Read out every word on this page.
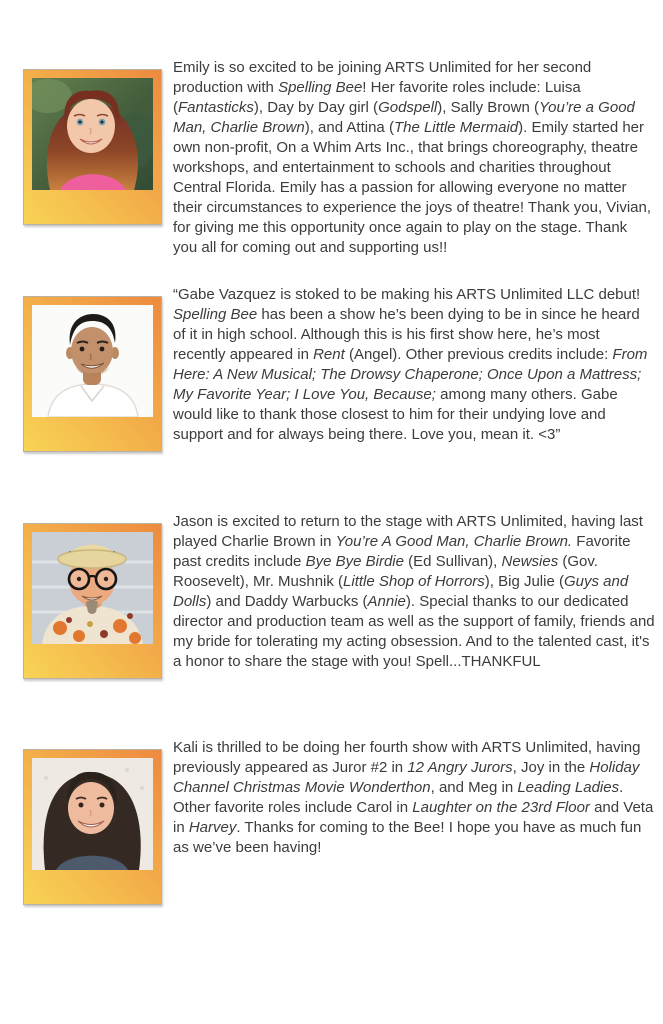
Emily is so excited to be joining ARTS Unlimited for her second production with Spelling Bee! Her favorite roles include: Luisa (Fantasticks), Day by Day girl (Godspell), Sally Brown (You’re a Good Man, Charlie Brown), and Attina (The Little Mermaid). Emily started her own non-profit, On a Whim Arts Inc., that brings choreography, theatre workshops, and entertainment to schools and charities throughout Central Florida. Emily has a passion for allowing everyone no matter their circumstances to experience the joys of theatre! Thank you, Vivian, for giving me this opportunity once again to play on the stage. Thank you all for coming out and supporting us!!

“Gabe Vazquez is stoked to be making his ARTS Unlimited LLC debut! Spelling Bee has been a show he’s been dying to be in since he heard of it in high school. Although this is his first show here, he’s most recently appeared in Rent (Angel). Other previous credits include: From Here: A New Musical; The Drowsy Chaperone; Once Upon a Mattress; My Favorite Year; I Love You, Because; among many others. Gabe would like to thank those closest to him for their undying love and support and for always being there. Love you, mean it. <3”

Jason is excited to return to the stage with ARTS Unlimited, having last played Charlie Brown in You’re A Good Man, Charlie Brown. Favorite past credits include Bye Bye Birdie (Ed Sullivan), Newsies (Gov. Roosevelt), Mr. Mushnik (Little Shop of Horrors), Big Julie (Guys and Dolls) and Daddy Warbucks (Annie). Special thanks to our dedicated director and production team as well as the support of family, friends and my bride for tolerating my acting obsession. And to the talented cast, it's a honor to share the stage with you! Spell...THANKFUL

Kali is thrilled to be doing her fourth show with ARTS Unlimited, having previously appeared as Juror #2 in 12 Angry Jurors, Joy in the Holiday Channel Christmas Movie Wonderthon, and Meg in Leading Ladies. Other favorite roles include Carol in Laughter on the 23rd Floor and Veta in Harvey. Thanks for coming to the Bee! I hope you have as much fun as we’ve been having!
